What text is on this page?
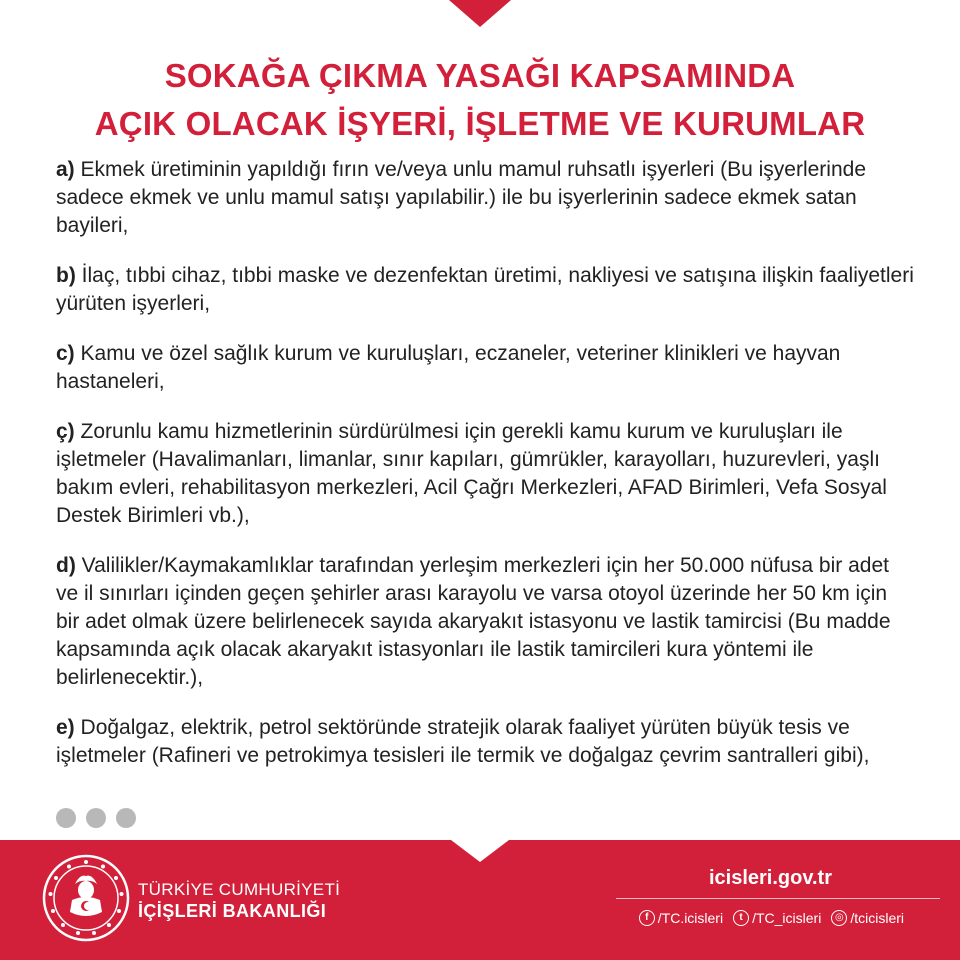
SOKAĞA ÇIKMA YASAĞI KAPSAMINDA
AÇIK OLACAK İŞYERİ, İŞLETME VE KURUMLAR
a) Ekmek üretiminin yapıldığı fırın ve/veya unlu mamul ruhsatlı işyerleri (Bu işyerlerinde sadece ekmek ve unlu mamul satışı yapılabilir.) ile bu işyerlerinin sadece ekmek satan bayileri,
b) İlaç, tıbbi cihaz, tıbbi maske ve dezenfektan üretimi, nakliyesi ve satışına ilişkin faaliyetleri yürüten işyerleri,
c) Kamu ve özel sağlık kurum ve kuruluşları, eczaneler, veteriner klinikleri ve hayvan hastaneleri,
ç) Zorunlu kamu hizmetlerinin sürdürülmesi için gerekli kamu kurum ve kuruluşları ile işletmeler (Havalimanları, limanlar, sınır kapıları, gümrükler, karayolları, huzurevleri, yaşlı bakım evleri, rehabilitasyon merkezleri, Acil Çağrı Merkezleri, AFAD Birimleri, Vefa Sosyal Destek Birimleri vb.),
d) Valilikler/Kaymakamlıklar tarafından yerleşim merkezleri için her 50.000 nüfusa bir adet ve il sınırları içinden geçen şehirler arası karayolu ve varsa otoyol üzerinde her 50 km için bir adet olmak üzere belirlenecek sayıda akaryakıt istasyonu ve lastik tamircisi (Bu madde kapsamında açık olacak akaryakıt istasyonları ile lastik tamircileri kura yöntemi ile belirlenecektir.),
e) Doğalgaz, elektrik, petrol sektöründe stratejik olarak faaliyet yürüten büyük tesis ve işletmeler (Rafineri ve petrokimya tesisleri ile termik ve doğalgaz çevrim santralleri gibi),
TÜRKİYE CUMHURİYETİ
İÇİŞLERİ BAKANLIĞI
icisleri.gov.tr
f /TC.icisleri	t /TC_icisleri	◎ /tcicisleri
